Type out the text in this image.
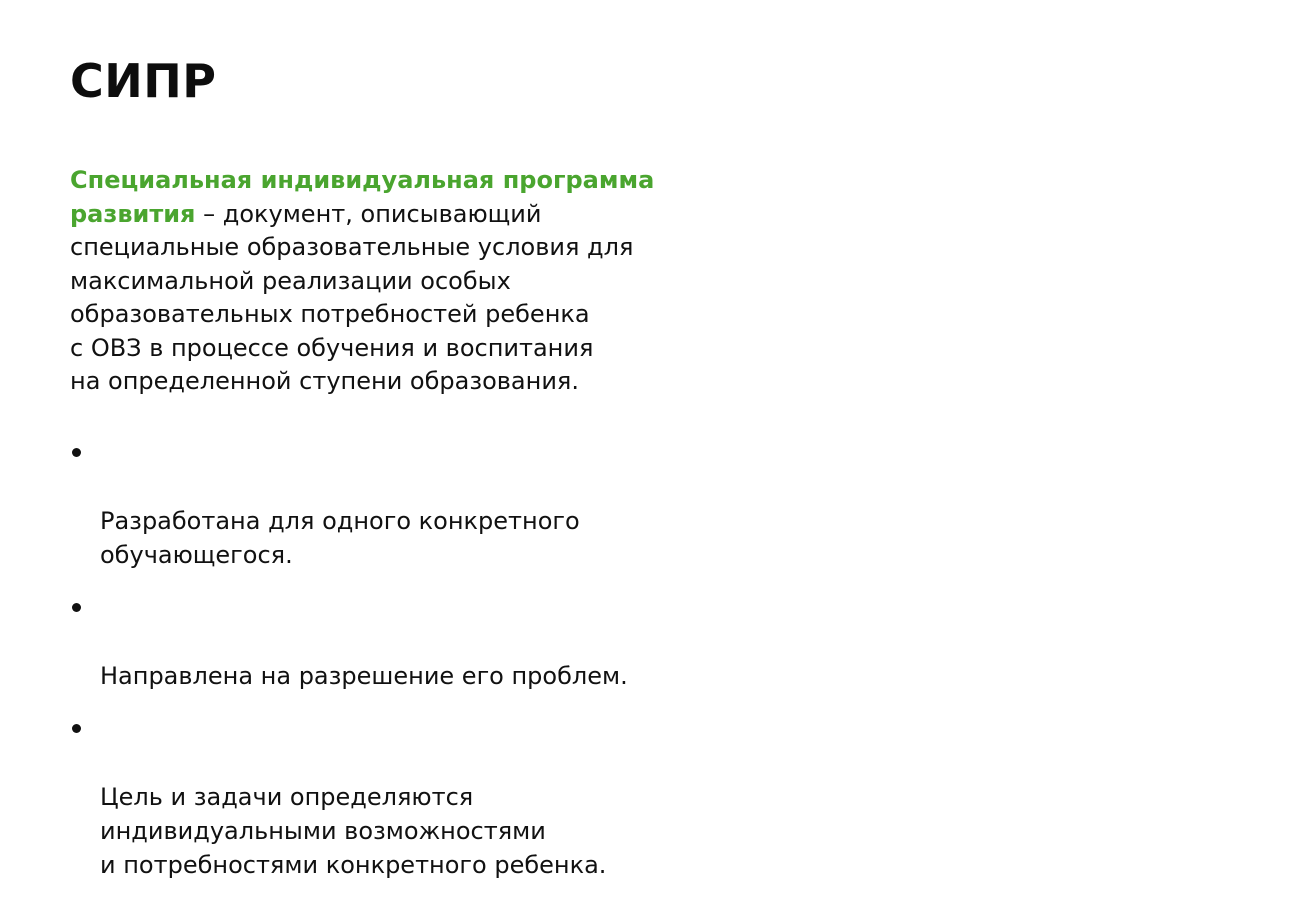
СИПР

Специальная индивидуальная программа
развития – документ, описывающий
специальные образовательные условия для
максимальной реализации особых
образовательных потребностей ребенка
с ОВЗ в процессе обучения и воспитания
на определенной ступени образования.

Разработана для одного конкретного
обучающегося.

Направлена на разрешение его проблем.

Цель и задачи определяются
индивидуальными возможностями
и потребностями конкретного ребенка.
